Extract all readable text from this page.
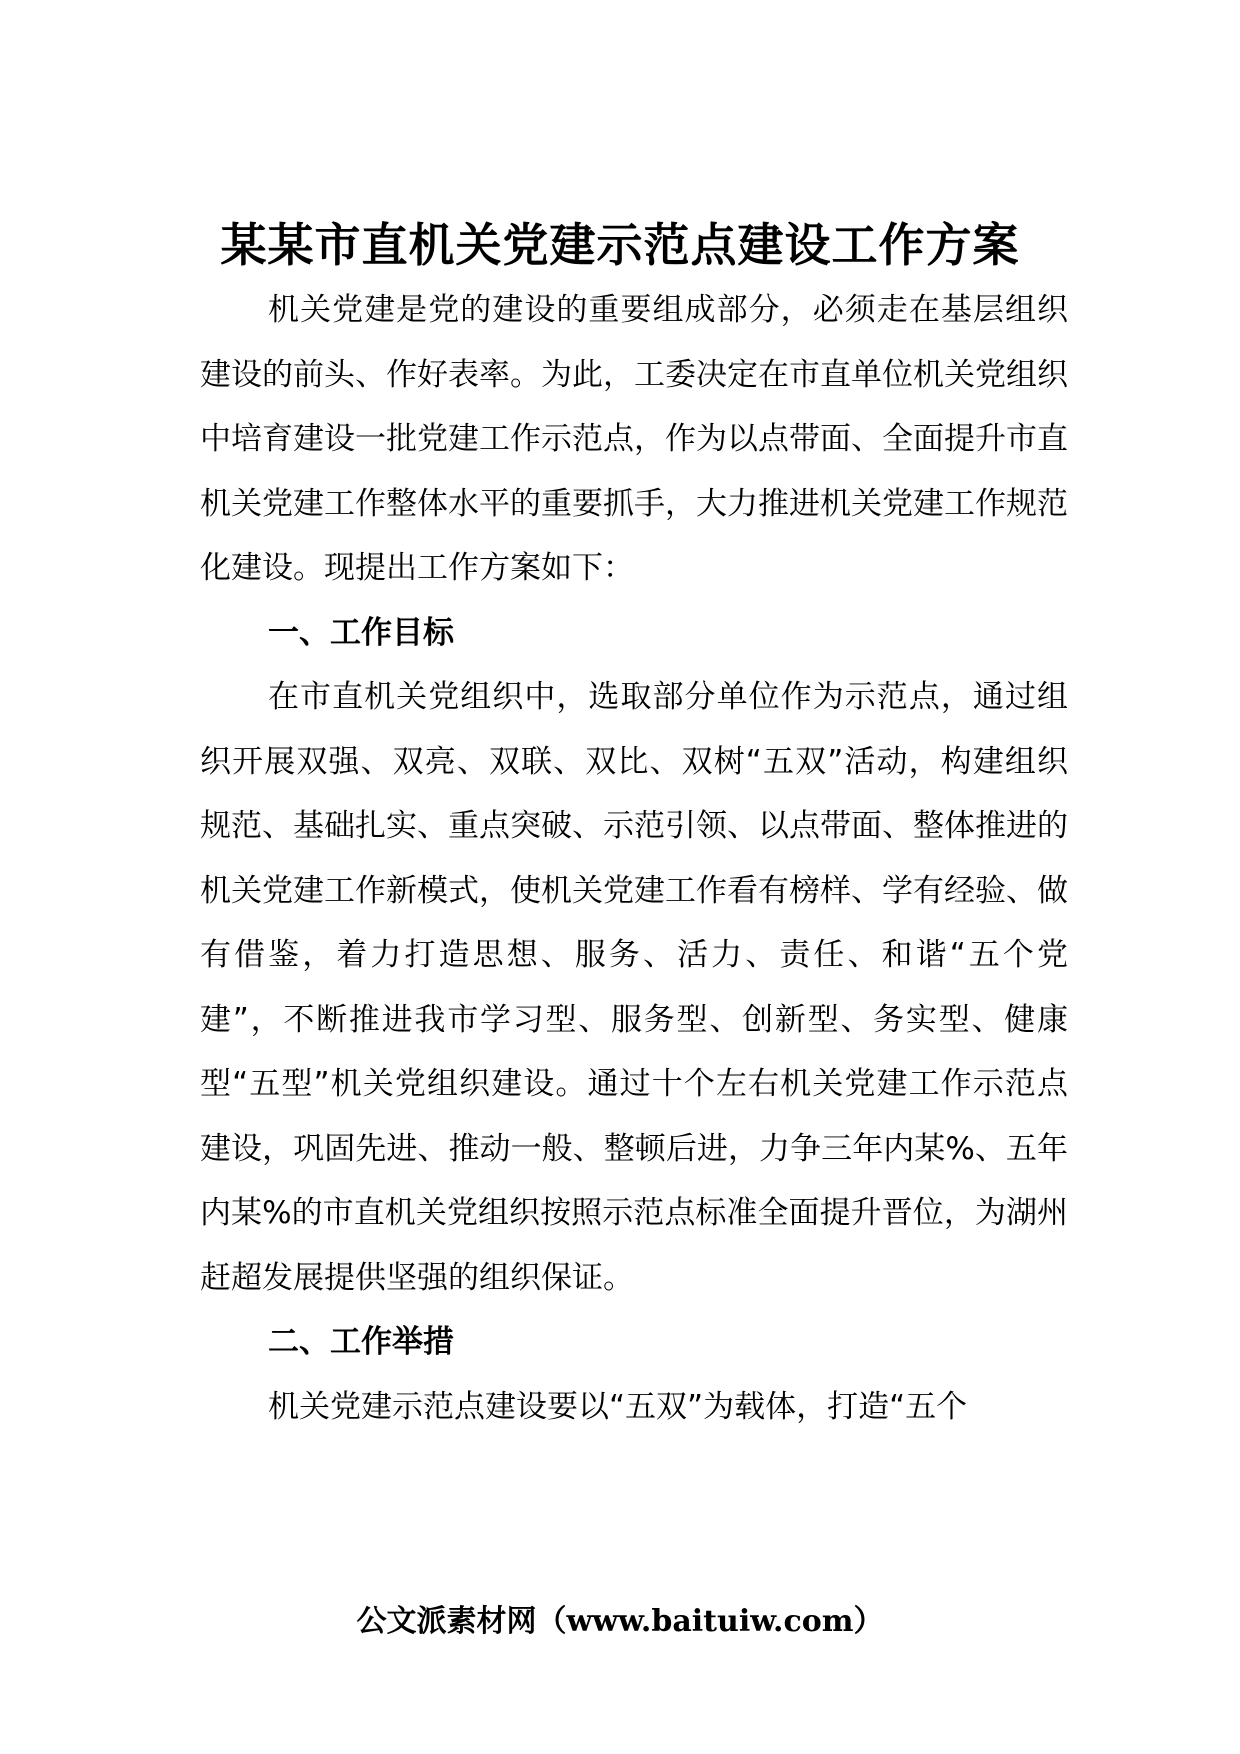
某某市直机关党建示范点建设工作方案

机关党建是党的建设的重要组成部分，必须走在基层组织建设的前头、作好表率。为此，工委决定在市直单位机关党组织中培育建设一批党建工作示范点，作为以点带面、全面提升市直机关党建工作整体水平的重要抓手，大力推进机关党建工作规范化建设。现提出工作方案如下：

一、工作目标

在市直机关党组织中，选取部分单位作为示范点，通过组织开展双强、双亮、双联、双比、双树“五双”活动，构建组织规范、基础扎实、重点突破、示范引领、以点带面、整体推进的机关党建工作新模式，使机关党建工作看有榜样、学有经验、做有借鉴，着力打造思想、服务、活力、责任、和谐“五个党建”，不断推进我市学习型、服务型、创新型、务实型、健康型“五型”机关党组织建设。通过十个左右机关党建工作示范点建设，巩固先进、推动一般、整顿后进，力争三年内某%、五年内某%的市直机关党组织按照示范点标准全面提升晋位，为湖州赶超发展提供坚强的组织保证。

二、工作举措

机关党建示范点建设要以“五双”为载体，打造“五个

公文派素材网（www.baituiw.com）
